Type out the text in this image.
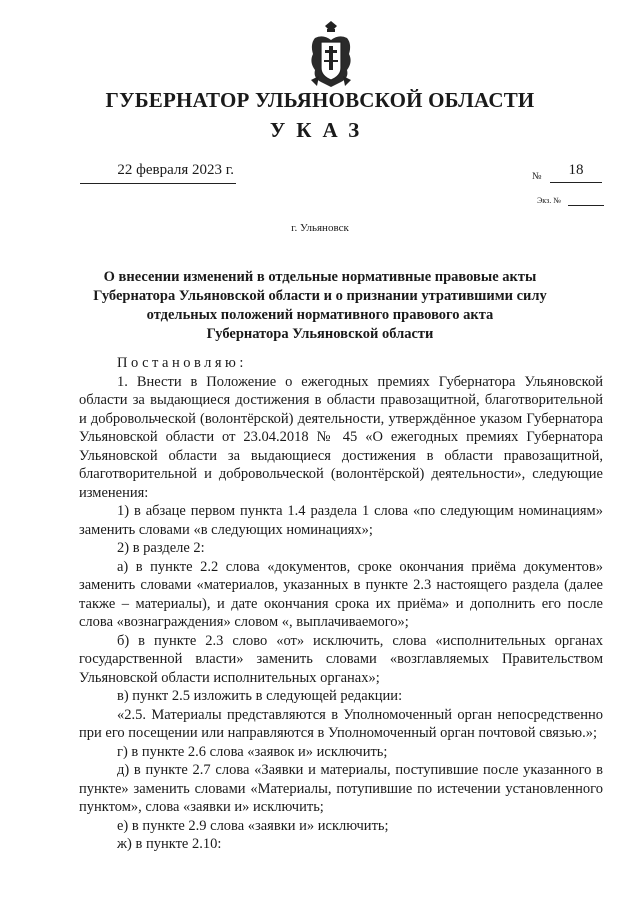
ГУБЕРНАТОР УЛЬЯНОВСКОЙ ОБЛАСТИ
УКАЗ
22 февраля 2023 г.	№	18
Экз. №
г. Ульяновск
О внесении изменений в отдельные нормативные правовые акты
Губернатора Ульяновской области и о признании утратившими силу
отдельных положений нормативного правового акта
Губернатора Ульяновской области

Постановляю:

1. Внести в Положение о ежегодных премиях Губернатора Ульяновской области за выдающиеся достижения в области правозащитной, благотворительной и добровольческой (волонтёрской) деятельности, утверждённое указом Губернатора Ульяновской области от 23.04.2018 № 45 «О ежегодных премиях Губернатора Ульяновской области за выдающиеся достижения в области правозащитной, благотворительной и добровольческой (волонтёрской) деятельности», следующие изменения:

1) в абзаце первом пункта 1.4 раздела 1 слова «по следующим номинациям» заменить словами «в следующих номинациях»;

2) в разделе 2:

а) в пункте 2.2 слова «документов, сроке окончания приёма документов» заменить словами «материалов, указанных в пункте 2.3 настоящего раздела (далее также – материалы), и дате окончания срока их приёма» и дополнить его после слова «вознаграждения» словом «, выплачиваемого»;

б) в пункте 2.3 слово «от» исключить, слова «исполнительных органах государственной власти» заменить словами «возглавляемых Правительством Ульяновской области исполнительных органах»;

в) пункт 2.5 изложить в следующей редакции:

«2.5. Материалы представляются в Уполномоченный орган непосредственно при его посещении или направляются в Уполномоченный орган почтовой связью.»;

г) в пункте 2.6 слова «заявок и» исключить;

д) в пункте 2.7 слова «Заявки и материалы, поступившие после указанного в пункте» заменить словами «Материалы, потупившие по истечении установленного пунктом», слова «заявки и» исключить;

е) в пункте 2.9 слова «заявки и» исключить;

ж) в пункте 2.10:
